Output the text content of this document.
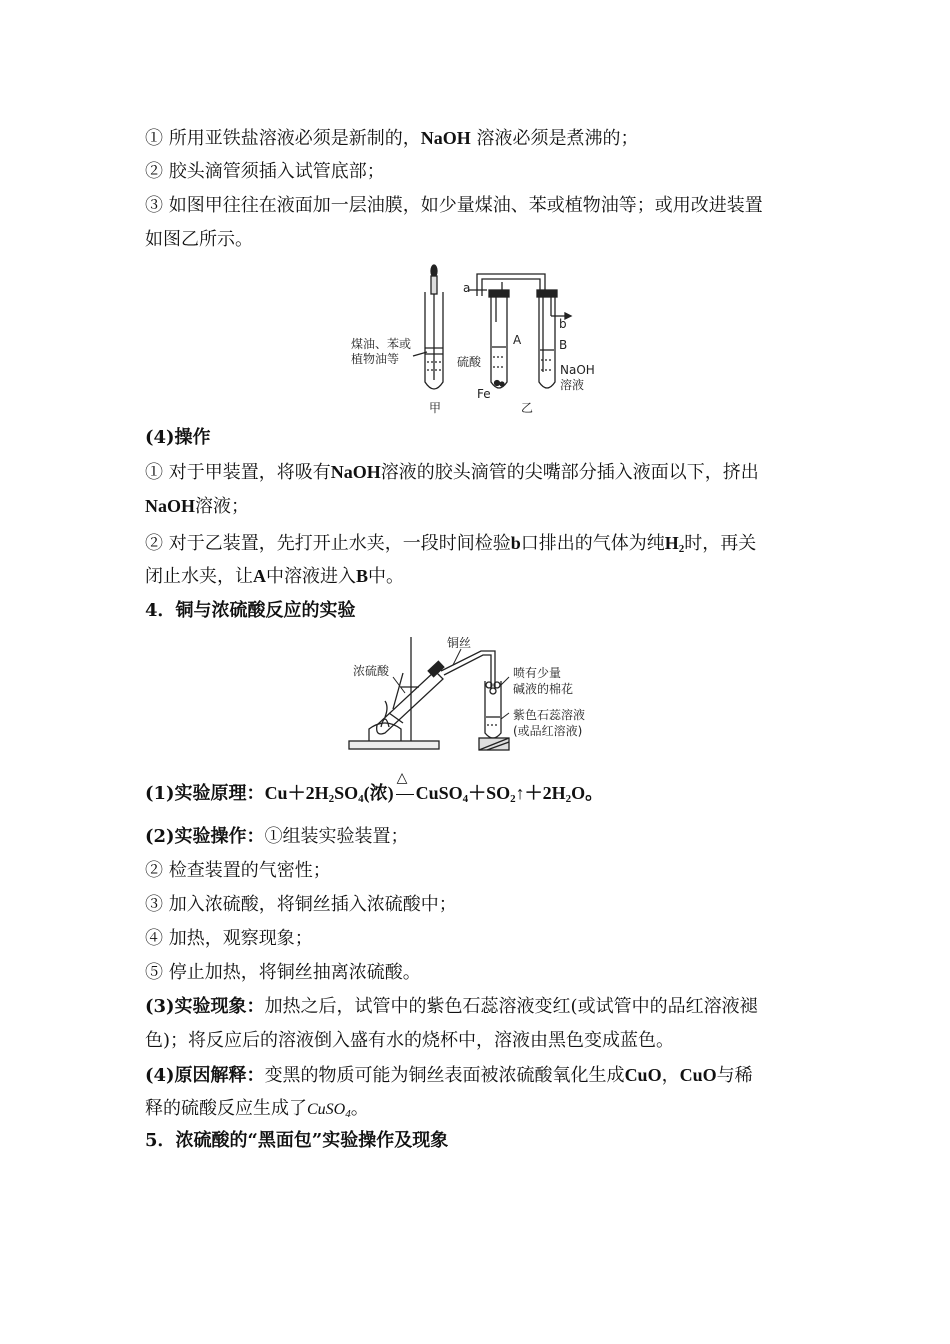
① 所用亚铁盐溶液必须是新制的，NaOH 溶液必须是煮沸的；
② 胶头滴管须插入试管底部；
③ 如图甲往往在液面加一层油膜，如少量煤油、苯或植物油等；或用改进装置
如图乙所示。
煤油、苯或
植物油等	硫酸
Fe
a
b
A	B
NaOH
溶液
甲	乙
(4)操作
① 对于甲装置，将吸有NaOH溶液的胶头滴管的尖嘴部分插入液面以下，挤出
NaOH溶液；
② 对于乙装置，先打开止水夹，一段时间检验b口排出的气体为纯$H_2$时，再关
闭止水夹，让A中溶液进入B中。
4．铜与浓硫酸反应的实验
浓硫酸
铜丝
喷有少量
碱液的棉花
紫色石蕊溶液
(或品红溶液)
(1)实验原理：$Cu+2H_2SO_4$(浓)
△
$CuSO_4+SO_2↑+2H_2O$。
(2)实验操作：①组装实验装置；
② 检查装置的气密性；
③ 加入浓硫酸，将铜丝插入浓硫酸中；
④ 加热，观察现象；
⑤ 停止加热，将铜丝抽离浓硫酸。
(3)实验现象：加热之后，试管中的紫色石蕊溶液变红(或试管中的品红溶液褪
色)；将反应后的溶液倒入盛有水的烧杯中，溶液由黑色变成蓝色。
(4)原因解释：变黑的物质可能为铜丝表面被浓硫酸氧化生成CuO，CuO与稀
释的硫酸反应生成了CuSO$_4$。
5．浓硫酸的“黑面包”实验操作及现象
